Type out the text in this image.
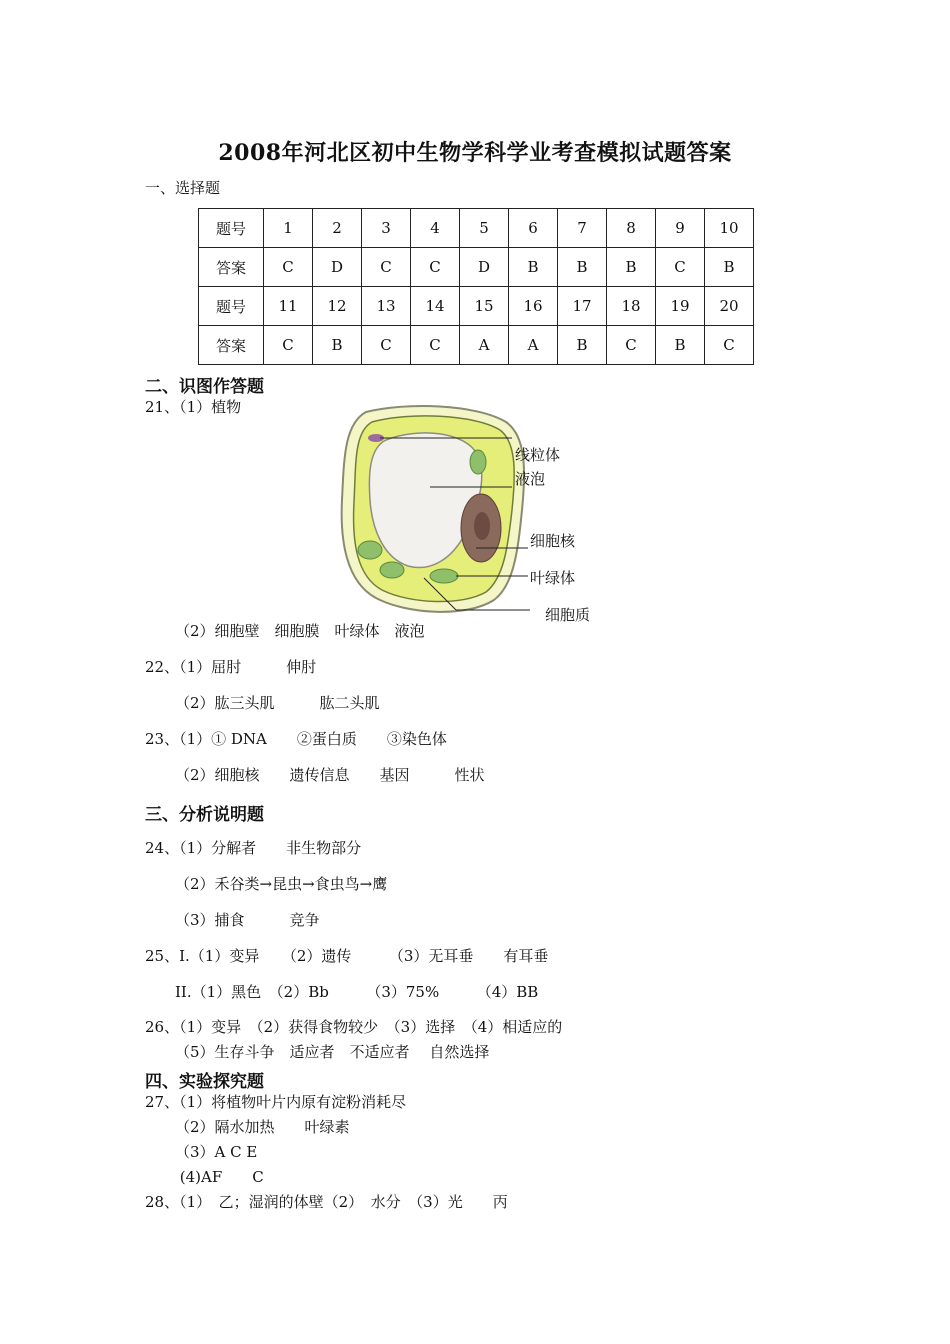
2008年河北区初中生物学科学业考查模拟试题答案
一、选择题
题号	1	2	3	4	5	6	7	8	9	10
答案	C	D	C	C	D	B	B	B	C	B
题号	11	12	13	14	15	16	17	18	19	20
答案	C	B	C	C	A	A	B	C	B	C
二、识图作答题
21、（1）植物
线粒体
液泡
细胞核
叶绿体
细胞质
（2）细胞壁　细胞膜　叶绿体　液泡
22、（1）屈肘　　　伸肘
（2）肱三头肌　　　肱二头肌
23、（1）① DNA　　②蛋白质　　③染色体
（2）细胞核　　遗传信息　　基因　　　性状
三、分析说明题
24、（1）分解者　　非生物部分
（2）禾谷类→昆虫→食虫鸟→鹰
（3）捕食　　　竞争
25、I.（1）变异　　（2）遗传　　　（3）无耳垂　　有耳垂
II.（1）黑色　（2）Bb　　　（3）75%　　　（4）BB
26、（1）变异　（2）获得食物较少　（3）选择　（4）相适应的
（5）生存斗争　适应者　不适应者　 自然选择
四、实验探究题
27、（1）将植物叶片内原有淀粉消耗尽
（2）隔水加热　　叶绿素
（3）A C E
(4)AF　　C
28、（1）　乙；湿润的体壁（2）　水分　（3）光　　丙
